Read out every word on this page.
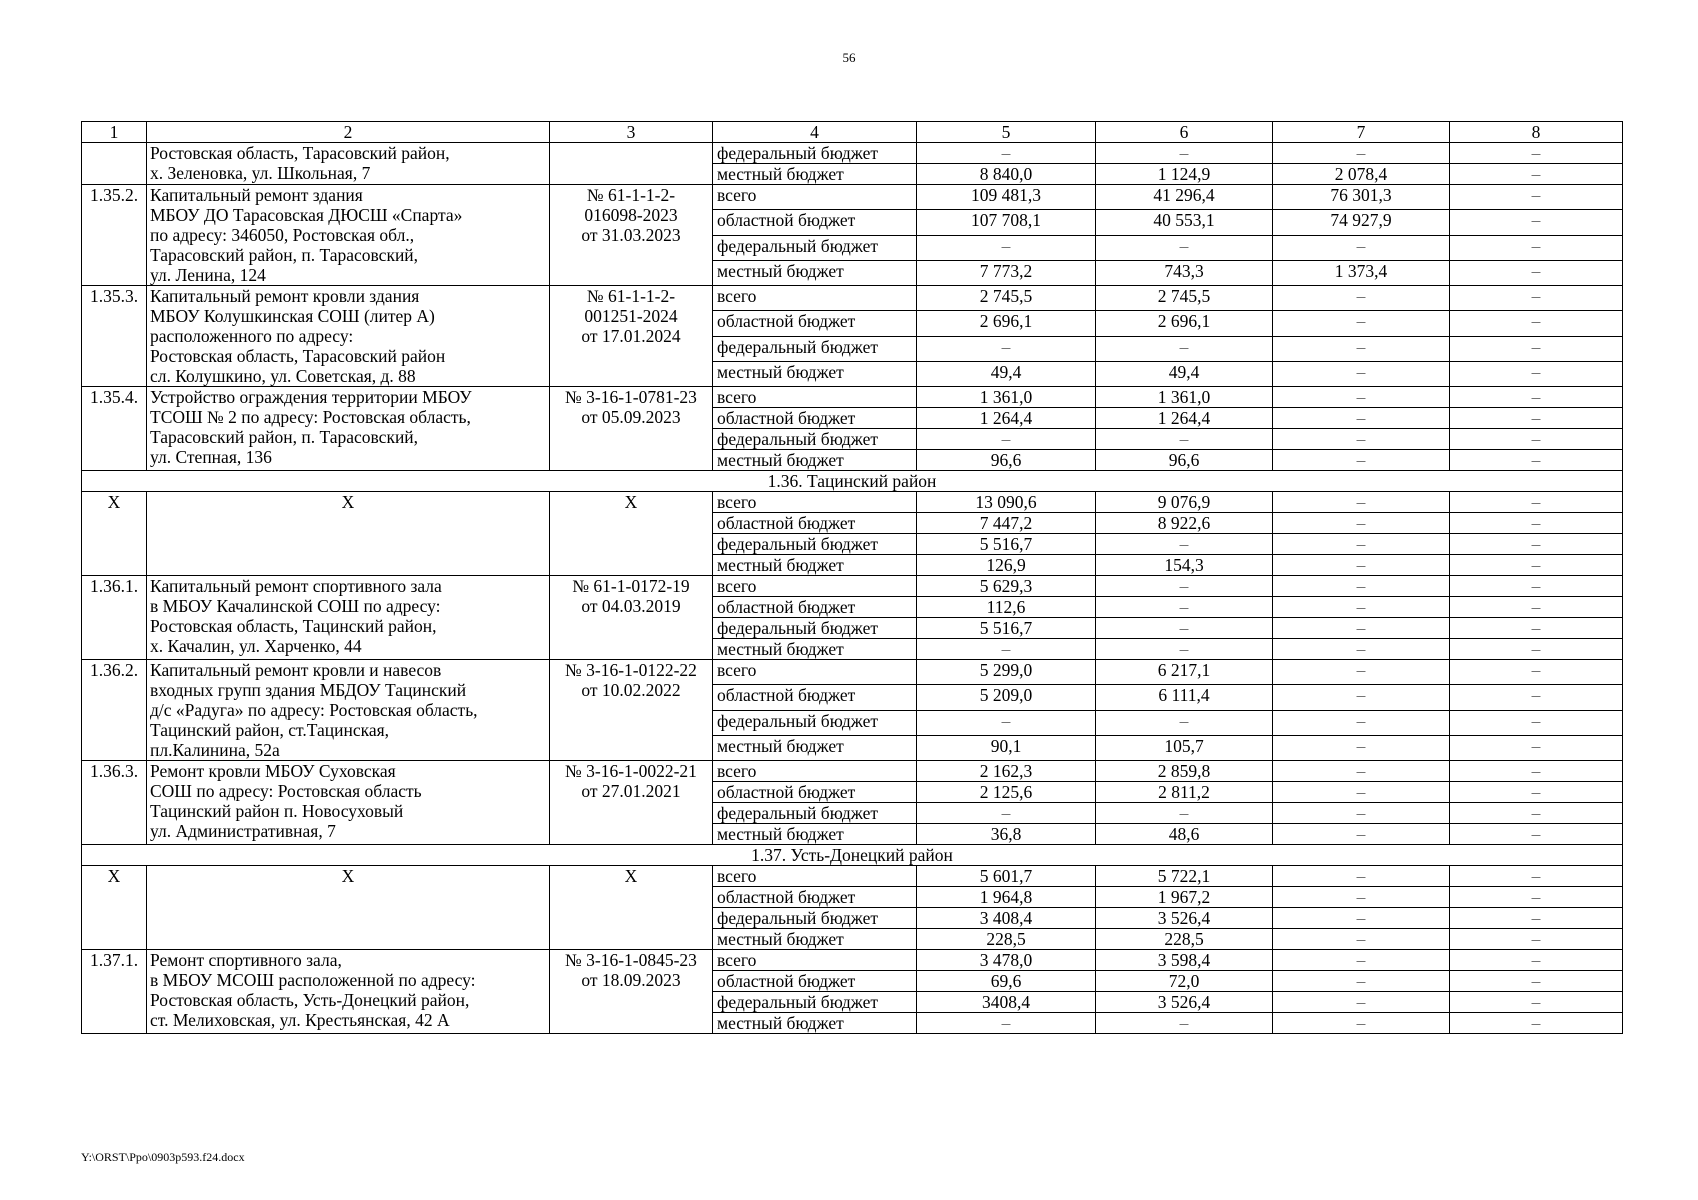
56
1	2	3	4	5	6	7	8

	Ростовская область, Тарасовский район,
х. Зеленовка, ул. Школьная, 7		федеральный бюджет	–	–	–	–
			местный бюджет	8 840,0	1 124,9	2 078,4	–
1.35.2.	Капитальный ремонт здания
МБОУ ДО Тарасовская ДЮСШ «Спарта»
по адресу: 346050, Ростовская обл.,
Тарасовский район, п. Тарасовский,
ул. Ленина, 124	№ 61-1-1-2-
016098-2023
от 31.03.2023	всего	109 481,3	41 296,4	76 301,3	–
			областной бюджет	107 708,1	40 553,1	74 927,9	–
			федеральный бюджет	–	–	–	–
			местный бюджет	7 773,2	743,3	1 373,4	–
1.35.3.	Капитальный ремонт кровли здания
МБОУ Колушкинская СОШ (литер А)
расположенного по адресу:
Ростовская область, Тарасовский район
сл. Колушкино, ул. Советская, д. 88	№ 61-1-1-2-
001251-2024
от 17.01.2024	всего	2 745,5	2 745,5	–	–
			областной бюджет	2 696,1	2 696,1	–	–
			федеральный бюджет	–	–	–	–
			местный бюджет	49,4	49,4	–	–
1.35.4.	Устройство ограждения территории МБОУ
ТСОШ № 2 по адресу: Ростовская область,
Тарасовский район, п. Тарасовский,
ул. Степная, 136	№ 3-16-1-0781-23
от 05.09.2023	всего	1 361,0	1 361,0	–	–
			областной бюджет	1 264,4	1 264,4	–	–
			федеральный бюджет	–	–	–	–
			местный бюджет	96,6	96,6	–	–
1.36. Тацинский район							
Х	Х	Х	всего	13 090,6	9 076,9	–	–
			областной бюджет	7 447,2	8 922,6	–	–
			федеральный бюджет	5 516,7	–	–	–
			местный бюджет	126,9	154,3	–	–
1.36.1.	Капитальный ремонт спортивного зала
в МБОУ Качалинской СОШ по адресу:
Ростовская область, Тацинский район,
х. Качалин, ул. Харченко, 44	№ 61-1-0172-19
от 04.03.2019	всего	5 629,3	–	–	–
			областной бюджет	112,6	–	–	–
			федеральный бюджет	5 516,7	–	–	–
			местный бюджет	–	–	–	–
1.36.2.	Капитальный ремонт кровли и навесов
входных групп здания МБДОУ Тацинский
д/с «Радуга» по адресу: Ростовская область,
Тацинский район, ст.Тацинская,
пл.Калинина, 52а	№ 3-16-1-0122-22
от 10.02.2022	всего	5 299,0	6 217,1	–	–
			областной бюджет	5 209,0	6 111,4	–	–
			федеральный бюджет	–	–	–	–
			местный бюджет	90,1	105,7	–	–
1.36.3.	Ремонт кровли МБОУ Суховская
СОШ по адресу: Ростовская область
Тацинский район п. Новосуховый
ул. Административная, 7	№ 3-16-1-0022-21
от 27.01.2021	всего	2 162,3	2 859,8	–	–
			областной бюджет	2 125,6	2 811,2	–	–
			федеральный бюджет	–	–	–	–
			местный бюджет	36,8	48,6	–	–
1.37. Усть-Донецкий район							
Х	Х	Х	всего	5 601,7	5 722,1	–	–
			областной бюджет	1 964,8	1 967,2	–	–
			федеральный бюджет	3 408,4	3 526,4	–	–
			местный бюджет	228,5	228,5	–	–
1.37.1.	Ремонт спортивного зала,
в МБОУ МСОШ расположенной по адресу:
Ростовская область, Усть-Донецкий район,
ст. Мелиховская, ул. Крестьянская, 42 А	№ 3-16-1-0845-23
от 18.09.2023	всего	3 478,0	3 598,4	–	–
			областной бюджет	69,6	72,0	–	–
			федеральный бюджет	3408,4	3 526,4	–	–
			местный бюджет	–	–	–	–
Y:\ORST\Ppo\0903p593.f24.docx
